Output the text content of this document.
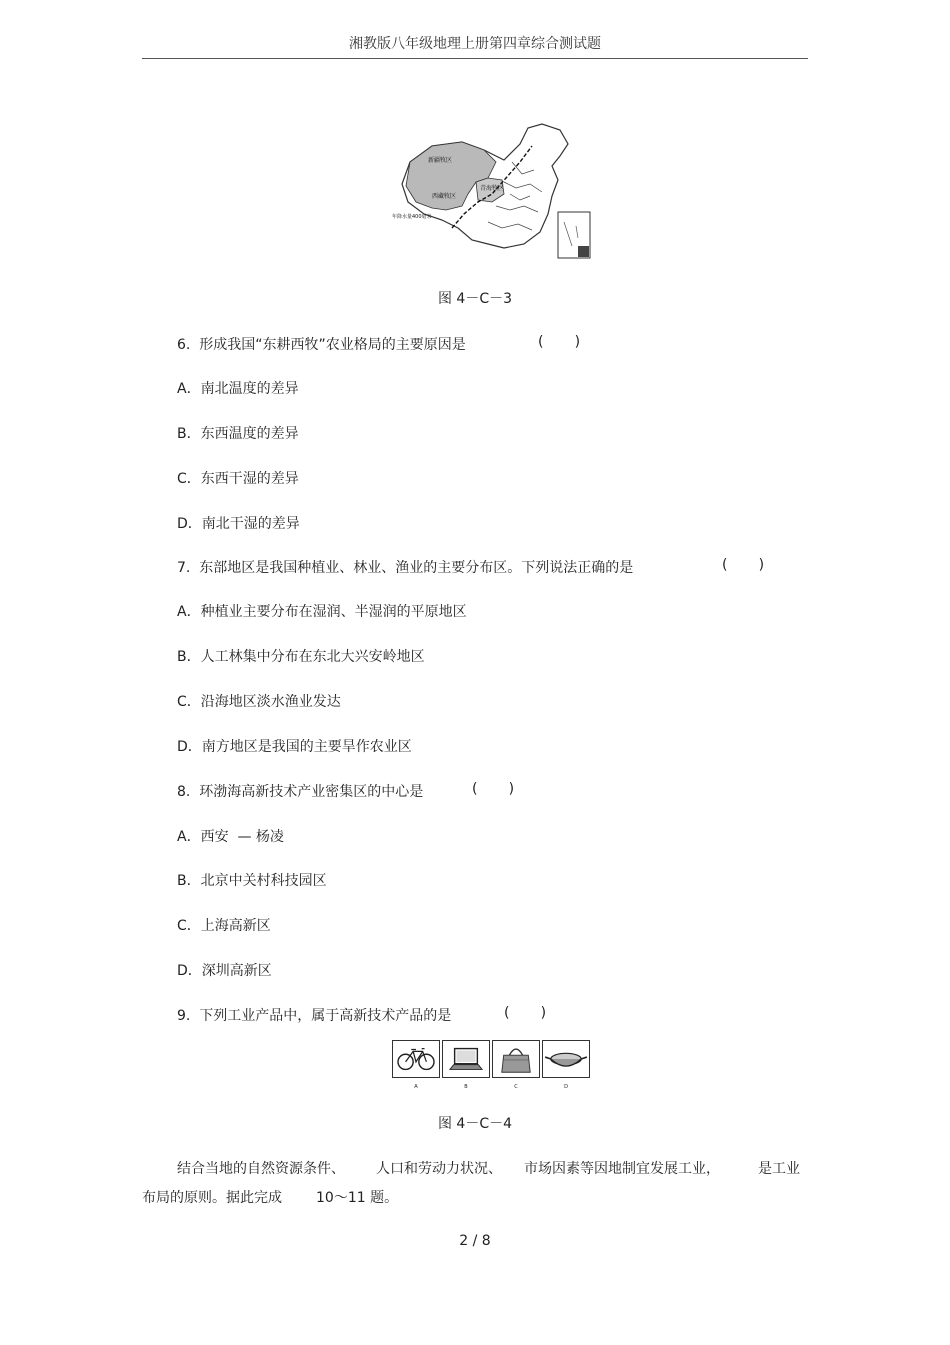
湘教版八年级地理上册第四章综合测试题
新疆牧区
青海牧区
西藏牧区
年降水量400毫米
图 4－C－3
6.  形成我国“东耕西牧”农业格局的主要原因是	(       )
A．南北温度的差异
B．东西温度的差异
C．东西干湿的差异
D．南北干湿的差异
7.  东部地区是我国种植业、林业、渔业的主要分布区。下列说法正确的是	(       )
A．种植业主要分布在湿润、半湿润的平原地区
B．人工林集中分布在东北大兴安岭地区
C．沿海地区淡水渔业发达
D．南方地区是我国的主要旱作农业区
8.  环渤海高新技术产业密集区的中心是	(       )
A．西安  — 杨凌
B．北京中关村科技园区
C．上海高新区
D．深圳高新区
9.  下列工业产品中，属于高新技术产品的是	(       )
A	B	C	D
图 4－C－4
结合当地的自然资源条件、 人口和劳动力状况、 市场因素等因地制宜发展工业，	是工业
布局的原则。据此完成 10～11 题。
2 / 8
